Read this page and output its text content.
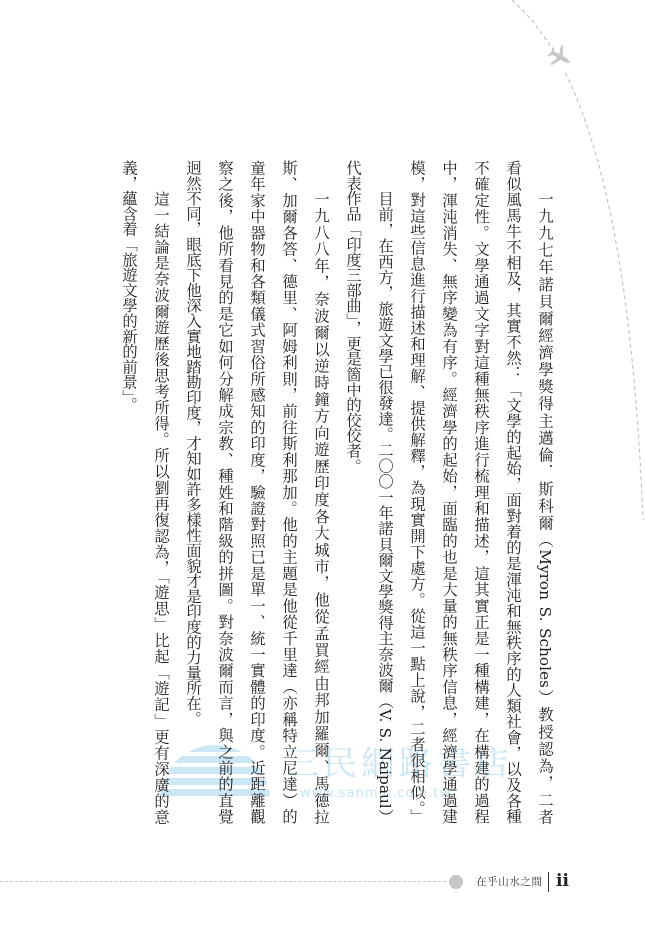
三民網路書店
www.sanmin.com.tw	一九九七年諾貝爾經濟學獎得主邁倫．斯科爾（Myron S. Scholes）教授認為，二者
看似風馬牛不相及，其實不然：「文學的起始，面對着的是渾沌和無秩序的人類社會，以及各種
不確定性。文學通過文字對這種無秩序進行梳理和描述，這其實正是一種構建，在構建的過程
中，渾沌消失、無序變為有序。經濟學的起始，面臨的也是大量的無秩序信息，經濟學通過建
模，對這些信息進行描述和理解、提供解釋，為現實開下處方。從這一點上說，二者很相似。」
目前，在西方，旅遊文學已很發達。二〇〇一年諾貝爾文學獎得主奈波爾（V. S. Naipaul）
代表作品「印度三部曲」，更是箇中的佼佼者。
一九八八年，奈波爾以逆時鐘方向遊歷印度各大城市，他從孟買經由邦加羅爾、馬德拉
斯、加爾各答、德里、阿姆利則，前往斯利那加。他的主題是他從千里達（亦稱特立尼達）的
童年家中器物和各類儀式習俗所感知的印度，驗證對照已是單一、統一實體的印度。近距離觀
察之後，他所看見的是它如何分解成宗教、種姓和階級的拼圖。對奈波爾而言，與之前的直覺
迥然不同，眼底下他深入實地踏勘印度，才知如許多樣性面貌才是印度的力量所在。
這一結論是奈波爾遊歷後思考所得。所以劉再復認為，「遊思」比起「遊記」更有深廣的意
義，蘊含着「旅遊文學的新的前景」。
在乎山水之間 ii
